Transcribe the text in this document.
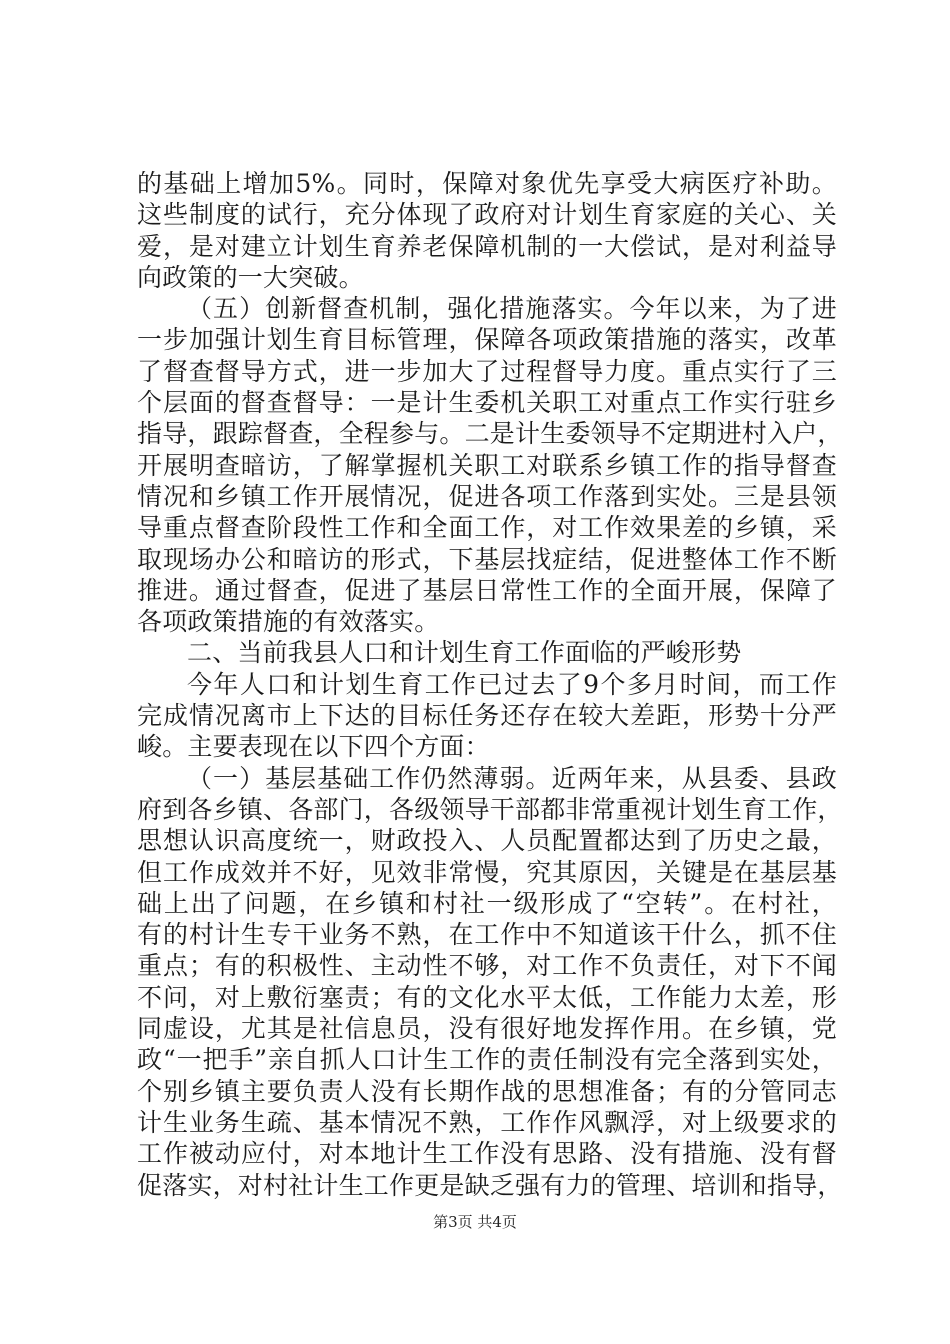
的基础上增加5%。同时，保障对象优先享受大病医疗补助。
这些制度的试行，充分体现了政府对计划生育家庭的关心、关
爱，是对建立计划生育养老保障机制的一大偿试，是对利益导
向政策的一大突破。
（五）创新督查机制，强化措施落实。今年以来，为了进
一步加强计划生育目标管理，保障各项政策措施的落实，改革
了督查督导方式，进一步加大了过程督导力度。重点实行了三
个层面的督查督导：一是计生委机关职工对重点工作实行驻乡
指导，跟踪督查，全程参与。二是计生委领导不定期进村入户，
开展明查暗访，了解掌握机关职工对联系乡镇工作的指导督查
情况和乡镇工作开展情况，促进各项工作落到实处。三是县领
导重点督查阶段性工作和全面工作，对工作效果差的乡镇，采
取现场办公和暗访的形式，下基层找症结，促进整体工作不断
推进。通过督查，促进了基层日常性工作的全面开展，保障了
各项政策措施的有效落实。
二、当前我县人口和计划生育工作面临的严峻形势
今年人口和计划生育工作已过去了9个多月时间，而工作
完成情况离市上下达的目标任务还存在较大差距，形势十分严
峻。主要表现在以下四个方面：
（一）基层基础工作仍然薄弱。近两年来，从县委、县政
府到各乡镇、各部门，各级领导干部都非常重视计划生育工作，
思想认识高度统一，财政投入、人员配置都达到了历史之最，
但工作成效并不好，见效非常慢，究其原因，关键是在基层基
础上出了问题，在乡镇和村社一级形成了“空转”。在村社，
有的村计生专干业务不熟，在工作中不知道该干什么，抓不住
重点；有的积极性、主动性不够，对工作不负责任，对下不闻
不问，对上敷衍塞责；有的文化水平太低，工作能力太差，形
同虚设，尤其是社信息员，没有很好地发挥作用。在乡镇，党
政“一把手”亲自抓人口计生工作的责任制没有完全落到实处，
个别乡镇主要负责人没有长期作战的思想准备；有的分管同志
计生业务生疏、基本情况不熟，工作作风飘浮，对上级要求的
工作被动应付，对本地计生工作没有思路、没有措施、没有督
促落实，对村社计生工作更是缺乏强有力的管理、培训和指导，
第3页 共4页
